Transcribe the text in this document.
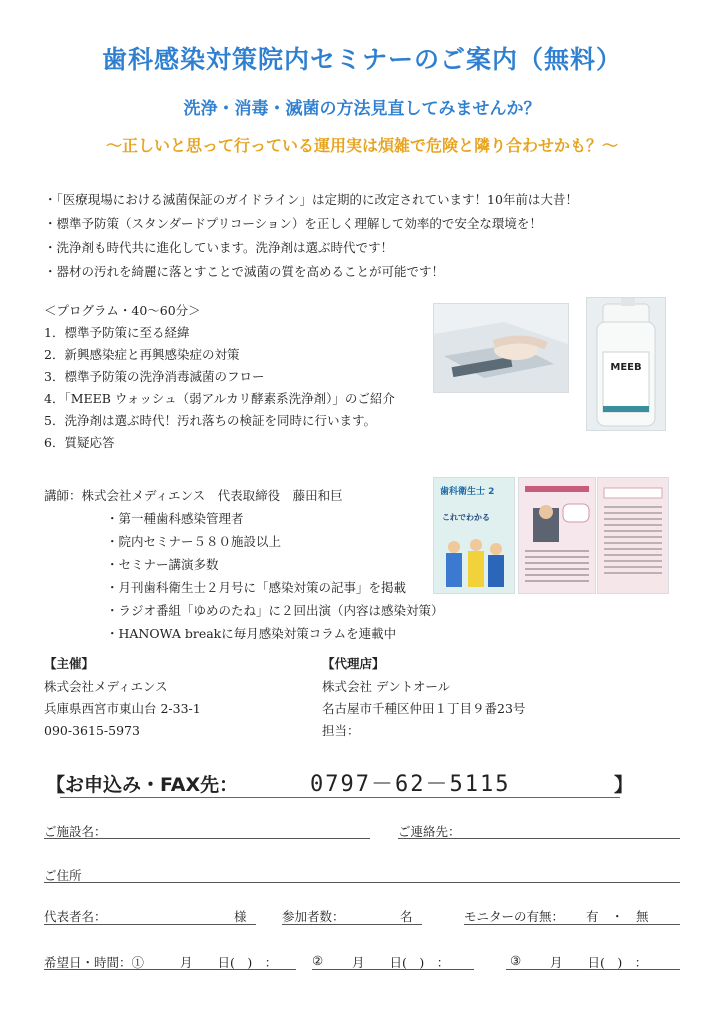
歯科感染対策院内セミナーのご案内（無料）
洗浄・消毒・滅菌の方法見直してみませんか？
～正しいと思って行っている運用実は煩雑で危険と隣り合わせかも？～
・「医療現場における滅菌保証のガイドライン」は定期的に改定されています！10年前は大昔！
・標準予防策（スタンダードプリコーション）を正しく理解して効率的で安全な環境を！
・洗浄剤も時代共に進化しています。洗浄剤は選ぶ時代です！
・器材の汚れを綺麗に落とすことで滅菌の質を高めることが可能です！
＜プログラム・40～60分＞
1．標準予防策に至る経緯
2．新興感染症と再興感染症の対策
3．標準予防策の洗浄消毒滅菌のフロー
4．「MEEB ウォッシュ（弱アルカリ酵素系洗浄剤）」のご紹介
5．洗浄剤は選ぶ時代！汚れ落ちの検証を同時に行います。
6．質疑応答
MEEB
歯科衛生士 2
これでわかる
講師：株式会社メディエンス　代表取締役　藤田和巨
・第一種歯科感染管理者
・院内セミナー５８０施設以上
・セミナー講演多数
・月刊歯科衛生士２月号に「感染対策の記事」を掲載
・ラジオ番組「ゆめのたね」に２回出演（内容は感染対策）
・HANOWA breakに毎月感染対策コラムを連載中
【主催】
株式会社メディエンス
兵庫県西宮市東山台 2-33-1
090-3615-5973
【代理店】
株式会社 デントオール
名古屋市千種区仲田１丁目９番23号
担当：
【お申込み・FAX先：	0797－62－5115	】
ご施設名：	ご連絡先：
ご住所
代表者名：	様	参加者数：	名	モニターの有無： 有　・　無
希望日・時間：①	月　　日(　)　：	② 月　　日(　)　：	③ 月　　日(　)　：
